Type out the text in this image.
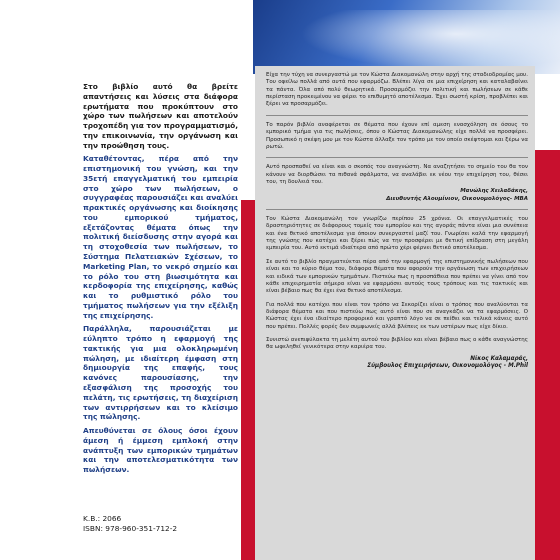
Στο βιβλίο αυτό θα βρείτε απαντήσεις και λύσεις στα διάφορα ερωτήματα που προκύπτουν στο χώρο των πωλήσεων και αποτελούν τροχοπέδη για τον προγραμματισμό, την επικοινωνία, την οργάνωση και την προώθηση τους.

Καταθέτοντας, πέρα από την επιστημονική του γνώση, και την 35ετή επαγγελματική του εμπειρία στο χώρο των πωλήσεων, ο συγγραφέας παρουσιάζει και αναλύει πρακτικές οργάνωσης και διοίκησης του εμπορικού τμήματος, εξετάζοντας θέματα όπως την πολιτική διείσδυσης στην αγορά και τη στοχοθεσία των πωλήσεων, το Σύστημα Πελατειακών Σχέσεων, το Marketing Plan, το νεκρό σημείο και το ρόλο του στη βιωσιμότητα και κερδοφορία της επιχείρησης, καθώς και το ρυθμιστικό ρόλο του τμήματος πωλήσεων για την εξέλιξη της επιχείρησης.

Παράλληλα, παρουσιάζεται με εύληπτο τρόπο η εφαρμογή της τακτικής για μια ολοκληρωμένη πώληση, με ιδιαίτερη έμφαση στη δημιουργία της επαφής, τους κανόνες παρουσίασης, την εξασφάλιση της προσοχής του πελάτη, τις ερωτήσεις, τη διαχείριση των αντιρρήσεων και το κλείσιμο της πώλησης.

Απευθύνεται σε όλους όσοι έχουν άμεση ή έμμεση εμπλοκή στην ανάπτυξη των εμπορικών τμημάτων και την αποτελεσματικότητα των πωλήσεων.

Κ.Β.: 2066
ISBN: 978-960-351-712-2

Είχα την τύχη να συνεργαστώ με τον Κώστα Διακομανώλη στην αρχή της σταδιοδρομίας μου. Του οφείλω πολλά από αυτά που εφαρμόζω. Βλέπει λίγα σε μια επιχείρηση και καταλαβαίνει τα πάντα. Όλα από πολύ θεωρητικά. Προσαρμόζει την πολιτική και πωλήσεων σε κάθε περίσταση προκειμένου να φέρει το επιθυμητό αποτέλεσμα. Έχει σωστή κρίση, προβλέπει και ξέρει να προσαρμόζει.

Το παρόν βιβλίο αναφέρεται σε θέματα που έχουν επί αμεση ενασχόληση σε όσους το εμπορικό τμήμα για τις πωλήσεις, όπου ο Κώστας Διακομανώλης είχε πολλά να προσφέρει. Προσωπικό η σκέψη μου με τον Κώστα άλλαξε τον τρόπο με τον οποίο σκέφτομαι και ξέρω να ρωτώ.

Αυτό προσπαθεί να είναι και ο σκοπός του αναγνώστη. Να αναζητήσει το σημείο του θα τον κάνουν να διορθώσει τα πιθανά σφάλματα, να αναλάβει εκ νέου την επιχείρηση του, θέσει του, τη δουλειά του.

Μανώλης Χειλαδάκης,
Διευθυντής Αλουμίνιον, Οικονομολόγος- MBA

Τον Κώστα Διακομανώλη τον γνωρίζω περίπου 25 χρόνια. Οι επαγγελματικές του δραστηριότητες σε διάφορους τομείς του εμπορίου και της αγοράς πάντα είναι μια συνέπεια και ένα θετικό αποτέλεσμα για όποιον συνεργαστεί μαζί του. Γνωρίσει καλά την εφαρμογή της γνώσης που κατέχει και ξέρει πώς να την προσφέρει με θετική επίδραση στη μεγάλη εμπειρία του. Αυτό εκτιμά ιδιαίτερα από πρώτο χέρι φέρνει θετικό αποτέλεσμα.

Σε αυτό το βιβλίο πραγματεύεται πέρα από την εφαρμογή της επιστημονικής πωλήσεων που είναι και το κύριο θέμα του, διάφορα θέματα που αφορούν την οργάνωση των επιχειρήσεων και ειδικά των εμπορικών τμημάτων. Πιστεύω πως η προσπάθεια που πρέπει να γίνει από τον κάθε επιχειρηματία σήμερα είναι να εφαρμόσει αυτούς τους τρόπους και τις τακτικές και είναι βέβαιο πως θα έχει ένα θετικό αποτέλεσμα.

Για πολλά που κατέχει που είναι τον τρόπο να Σεκορίζει είναι ο τρόπος που αναλύονται τα διάφορα θέματα και που πιστεύω πως αυτό είναι που σε αναγκάζει να τα εφαρμόσεις. Ο Κώστας έχει ένα ιδιαίτερο προφορικό και γραπτό λόγο να σε πείθει και τελικά κάνεις αυτό που πρέπει. Πολλές φορές δεν συμφωνείς αλλά βλέπεις εκ των υστέρων πως είχε δίκιο.

Συνιστώ ανεπιφύλακτα τη μελέτη αυτού του βιβλίου και είναι βέβαιο πως ο κάθε αναγνώστης θα ωφεληθεί γενικότερα στην καριέρα του.

Νίκος Καλαμαράς,
Σύμβουλος Επιχειρήσεων, Οικονομολόγος - M.Phil
